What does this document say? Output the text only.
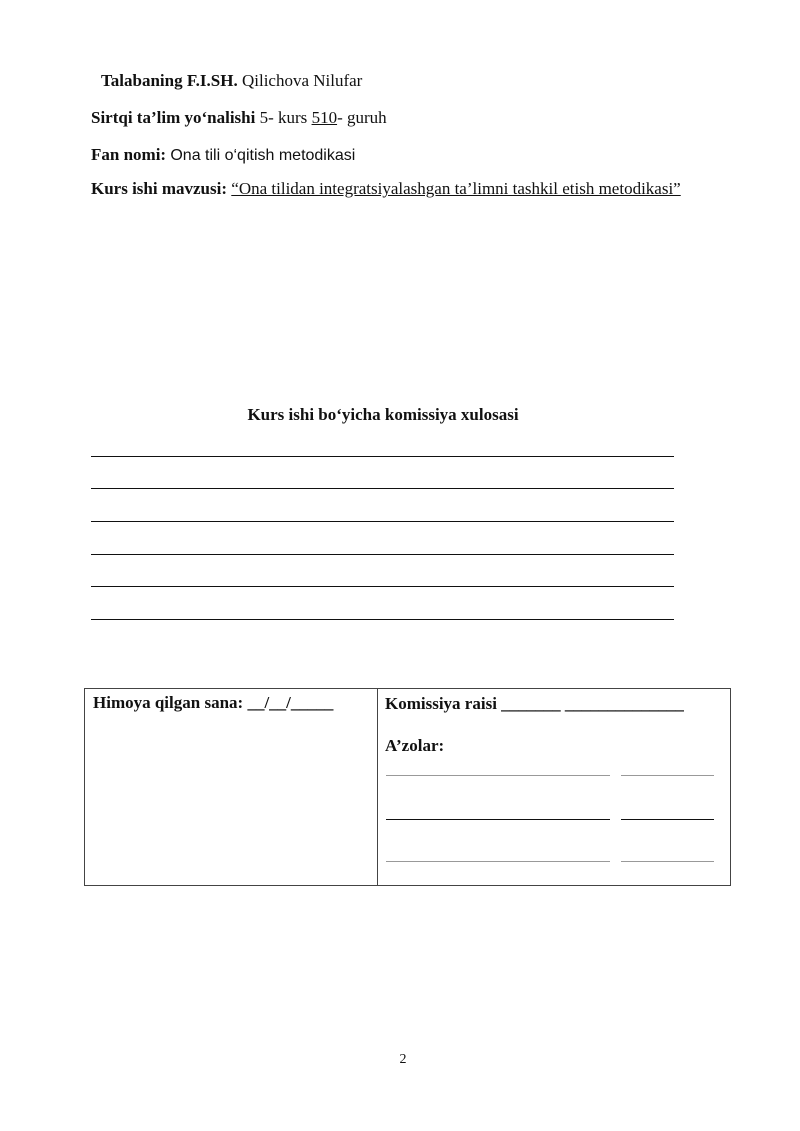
Talabaning F.I.SH. Qilichova Nilufar
Sirtqi ta’lim yo‘nalishi 5- kurs 510- guruh
Fan nomi: Ona tili o‘qitish metodikasi
Kurs ishi mavzusi: “Ona tilidan integratsiyalashgan ta’limni tashkil etish metodikasi”
Kurs ishi bo‘yicha komissiya xulosasi
Himoya qilgan sana: __/__/_____	Komissiya raisi _______ ______________
A’zolar:
2
